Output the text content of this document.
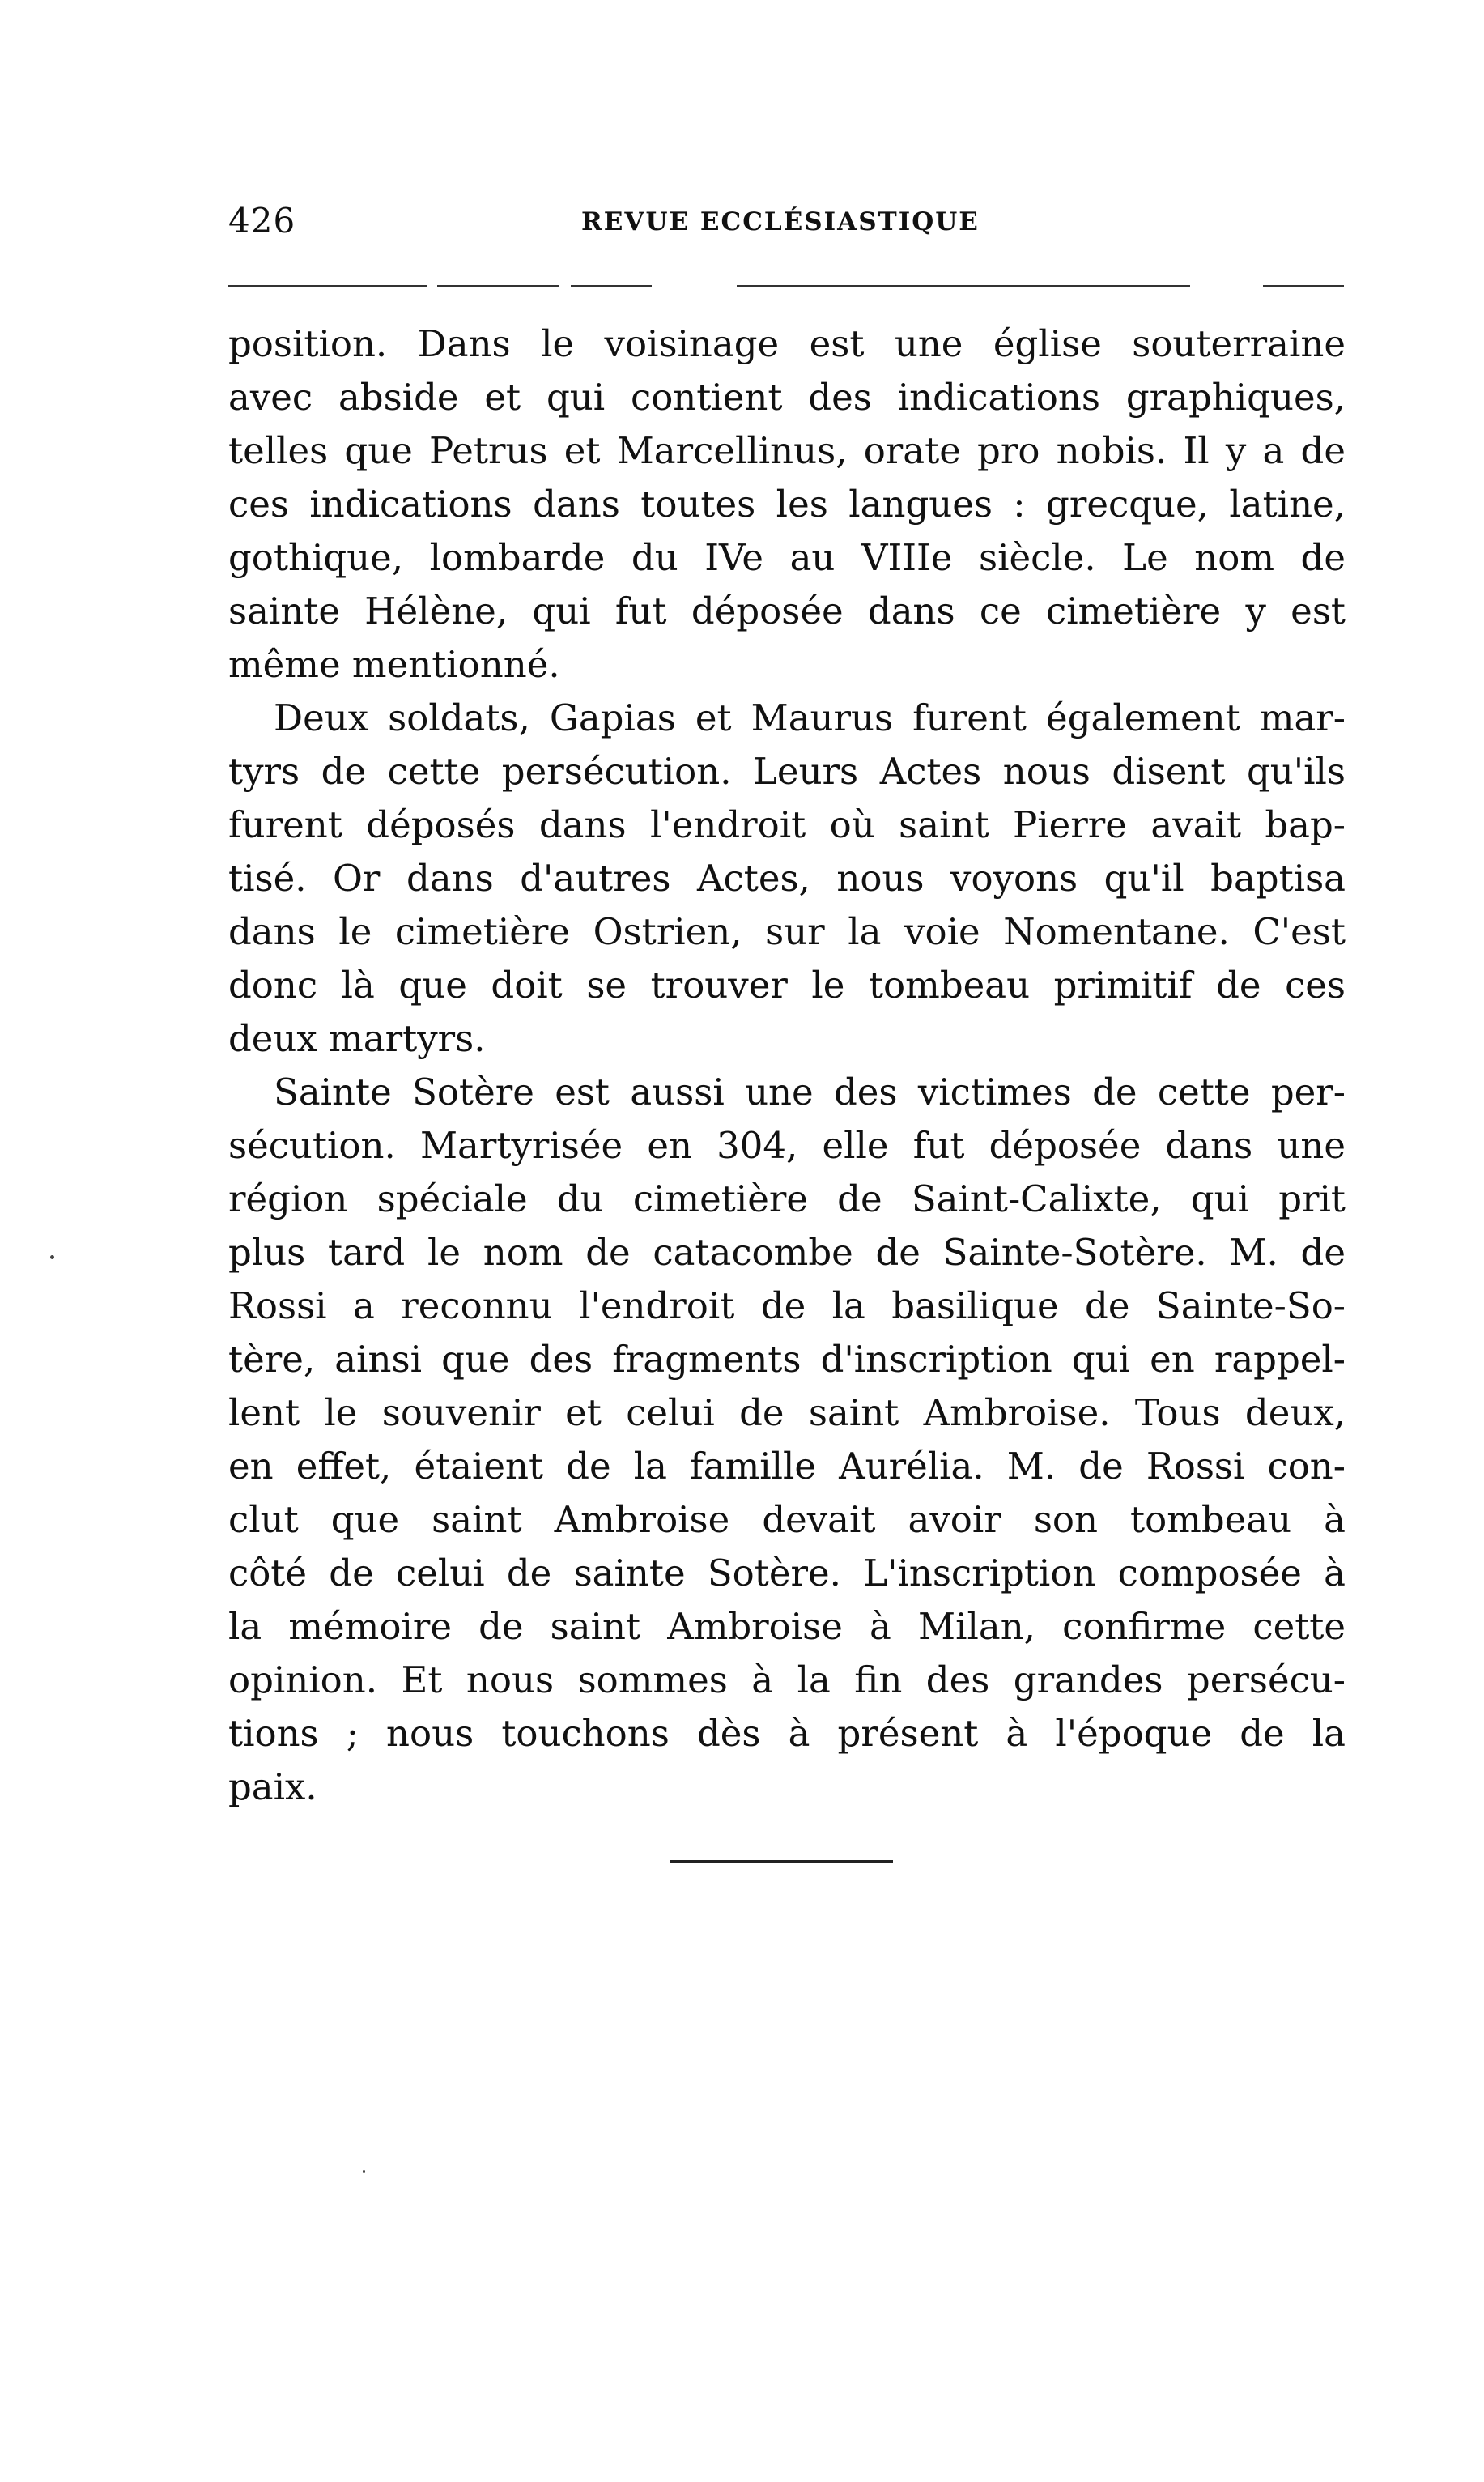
426	REVUE ECCLÉSIASTIQUE
position. Dans le voisinage est une église souterraine
avec abside et qui contient des indications graphiques,
telles que Petrus et Marcellinus, orate pro nobis. Il y a de
ces indications dans toutes les langues : grecque, latine,
gothique, lombarde du IVe au VIIIe siècle. Le nom de
sainte Hélène, qui fut déposée dans ce cimetière y est
même mentionné.
Deux soldats, Gapias et Maurus furent également mar-
tyrs de cette persécution. Leurs Actes nous disent qu'ils
furent déposés dans l'endroit où saint Pierre avait bap-
tisé. Or dans d'autres Actes, nous voyons qu'il baptisa
dans le cimetière Ostrien, sur la voie Nomentane. C'est
donc là que doit se trouver le tombeau primitif de ces
deux martyrs.
Sainte Sotère est aussi une des victimes de cette per-
sécution. Martyrisée en 304, elle fut déposée dans une
région spéciale du cimetière de Saint-Calixte, qui prit
plus tard le nom de catacombe de Sainte-Sotère. M. de
Rossi a reconnu l'endroit de la basilique de Sainte-So-
tère, ainsi que des fragments d'inscription qui en rappel-
lent le souvenir et celui de saint Ambroise. Tous deux,
en effet, étaient de la famille Aurélia. M. de Rossi con-
clut que saint Ambroise devait avoir son tombeau à
côté de celui de sainte Sotère. L'inscription composée à
la mémoire de saint Ambroise à Milan, confirme cette
opinion. Et nous sommes à la fin des grandes persécu-
tions ; nous touchons dès à présent à l'époque de la
paix.
